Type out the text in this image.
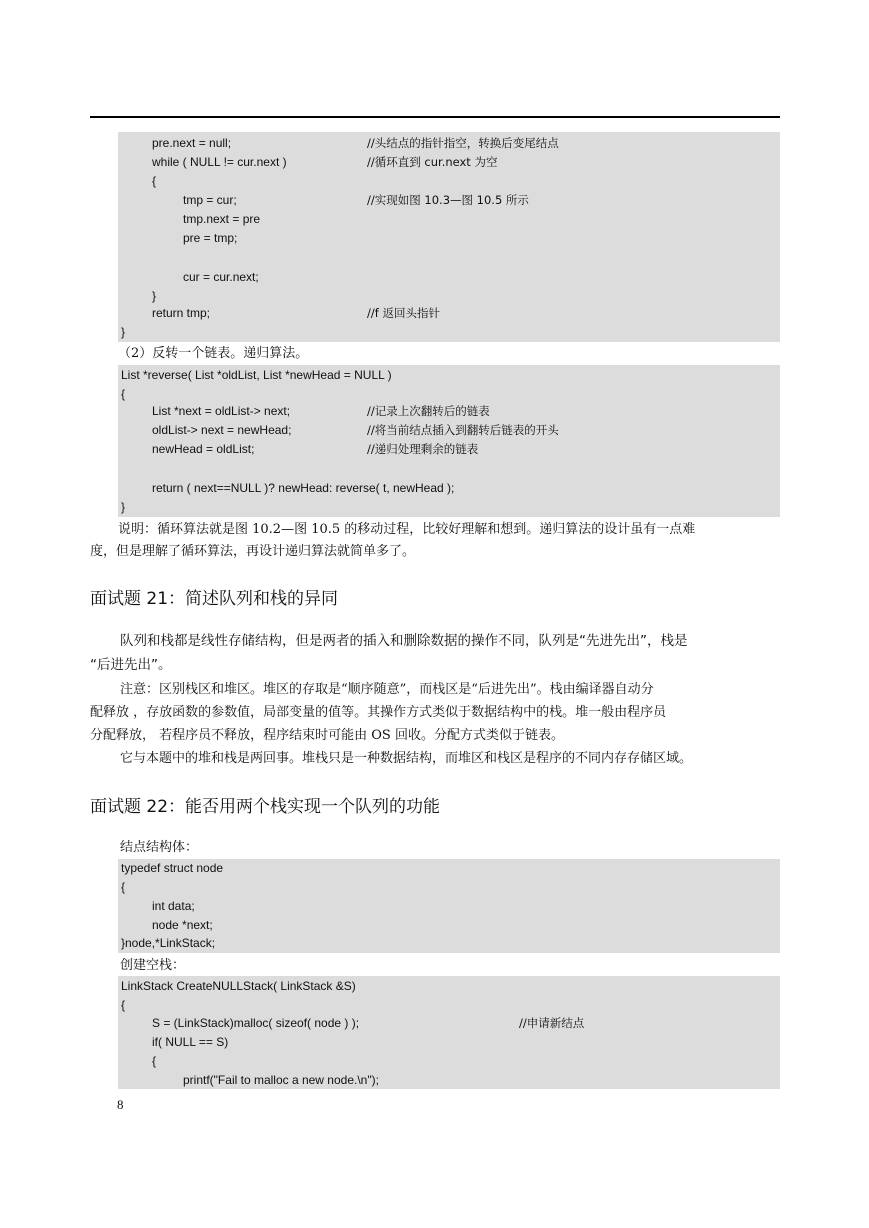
pre.next = null;	//头结点的指针指空，转换后变尾结点
while ( NULL != cur.next )	//循环直到 cur.next 为空
{
tmp = cur;	//实现如图 10.3—图 10.5 所示
tmp.next = pre
pre = tmp;
cur = cur.next;
}
return tmp;	//f 返回头指针
}
（2）反转一个链表。递归算法。
List *reverse( List *oldList, List *newHead = NULL )
{
List *next = oldList-> next;	//记录上次翻转后的链表
oldList-> next = newHead;	//将当前结点插入到翻转后链表的开头
newHead = oldList;	//递归处理剩余的链表
return ( next==NULL )? newHead: reverse( t, newHead );
}
说明：循环算法就是图 10.2—图 10.5 的移动过程，比较好理解和想到。递归算法的设计虽有一点难
度，但是理解了循环算法，再设计递归算法就简单多了。
面试题 21：简述队列和栈的异同
队列和栈都是线性存储结构，但是两者的插入和删除数据的操作不同，队列是“先进先出”，栈是
“后进先出”。
注意：区别栈区和堆区。堆区的存取是“顺序随意”，而栈区是“后进先出”。栈由编译器自动分
配释放 ，存放函数的参数值，局部变量的值等。其操作方式类似于数据结构中的栈。堆一般由程序员
分配释放， 若程序员不释放，程序结束时可能由 OS 回收。分配方式类似于链表。
它与本题中的堆和栈是两回事。堆栈只是一种数据结构，而堆区和栈区是程序的不同内存存储区域。
面试题 22：能否用两个栈实现一个队列的功能
结点结构体：
typedef struct node
{
int data;
node *next;
}node,*LinkStack;
创建空栈：
LinkStack CreateNULLStack( LinkStack &S)
{
S = (LinkStack)malloc( sizeof( node ) );	//申请新结点
if( NULL == S)
{
printf("Fail to malloc a new node.\n");
8
